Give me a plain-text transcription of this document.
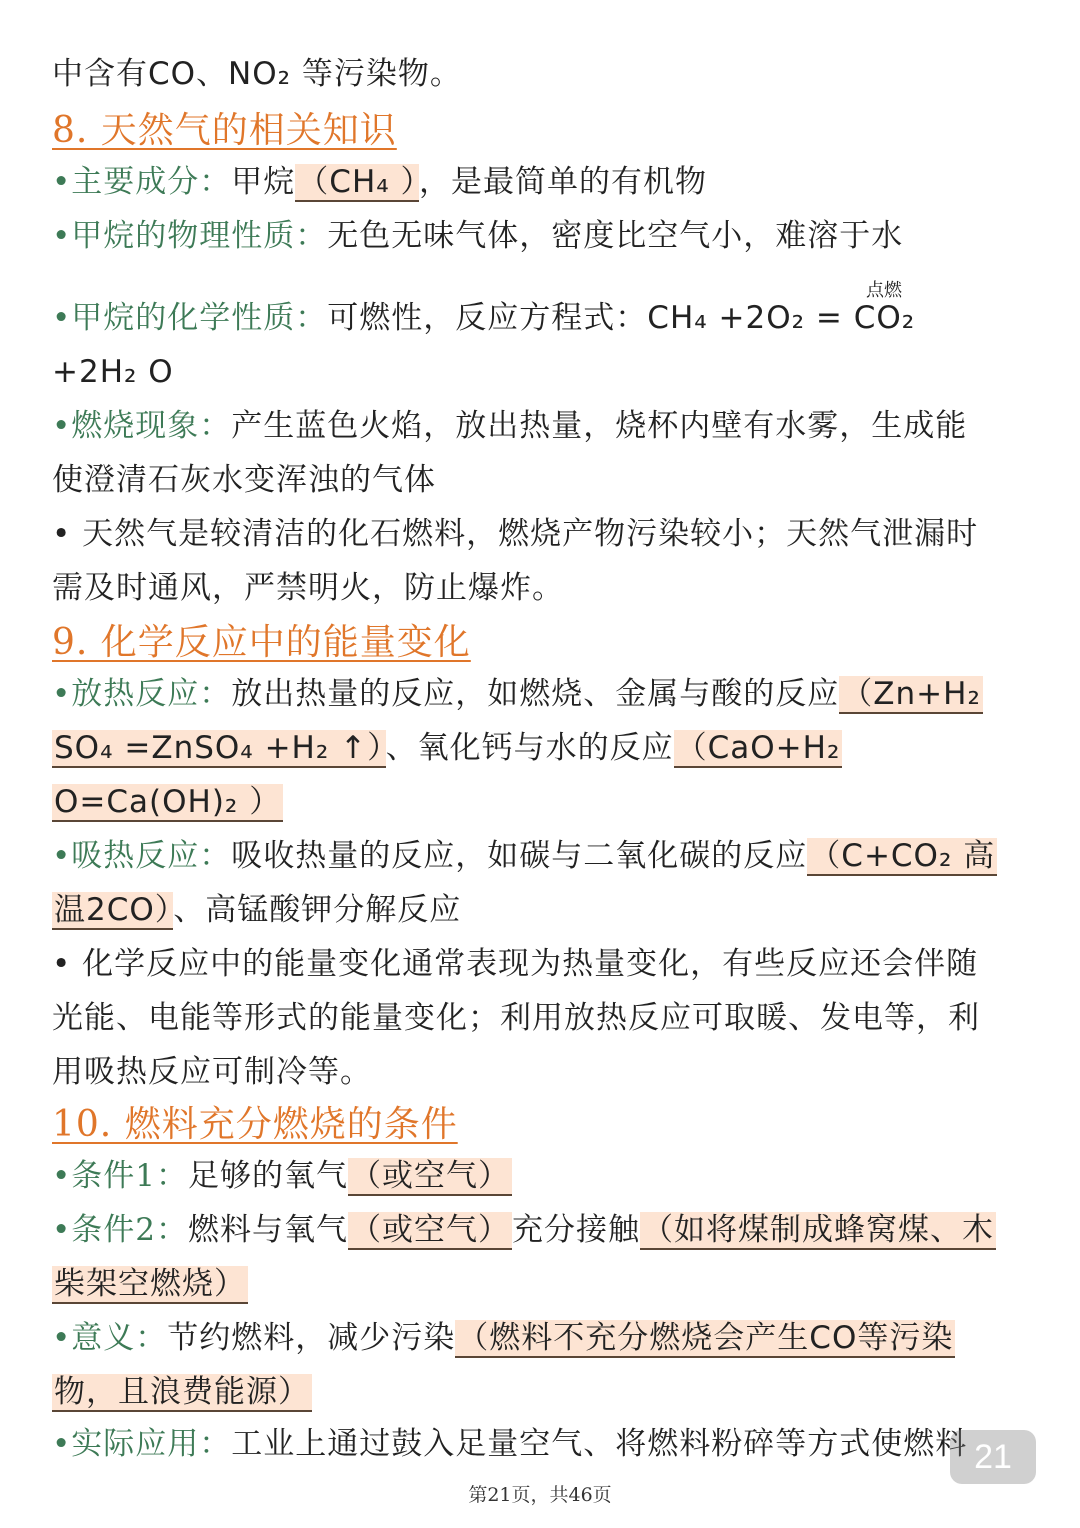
中含有CO、NO₂ 等污染物。
8. 天然气的相关知识
•主要成分：甲烷（CH₄ ），是最简单的有机物
•甲烷的物理性质：无色无味气体，密度比空气小，难溶于水
点燃
•甲烷的化学性质：可燃性，反应方程式：CH₄ +2O₂ = CO₂
+2H₂ O
•燃烧现象：产生蓝色火焰，放出热量，烧杯内壁有水雾，生成能
使澄清石灰水变浑浊的气体
• 天然气是较清洁的化石燃料，燃烧产物污染较小；天然气泄漏时
需及时通风，严禁明火，防止爆炸。
9. 化学反应中的能量变化
•放热反应：放出热量的反应，如燃烧、金属与酸的反应（Zn+H₂
SO₄ =ZnSO₄ +H₂ ↑）、氧化钙与水的反应（CaO+H₂
O=Ca(OH)₂ ）
•吸热反应：吸收热量的反应，如碳与二氧化碳的反应（C+CO₂ 高
温2CO）、高锰酸钾分解反应
• 化学反应中的能量变化通常表现为热量变化，有些反应还会伴随
光能、电能等形式的能量变化；利用放热反应可取暖、发电等，利
用吸热反应可制冷等。
10. 燃料充分燃烧的条件
•条件1：足够的氧气（或空气）
•条件2：燃料与氧气（或空气）充分接触（如将煤制成蜂窝煤、木
柴架空燃烧）
•意义：节约燃料，减少污染（燃料不充分燃烧会产生CO等污染
物，且浪费能源）
•实际应用：工业上通过鼓入足量空气、将燃料粉碎等方式使燃料 21
第21页，共46页
